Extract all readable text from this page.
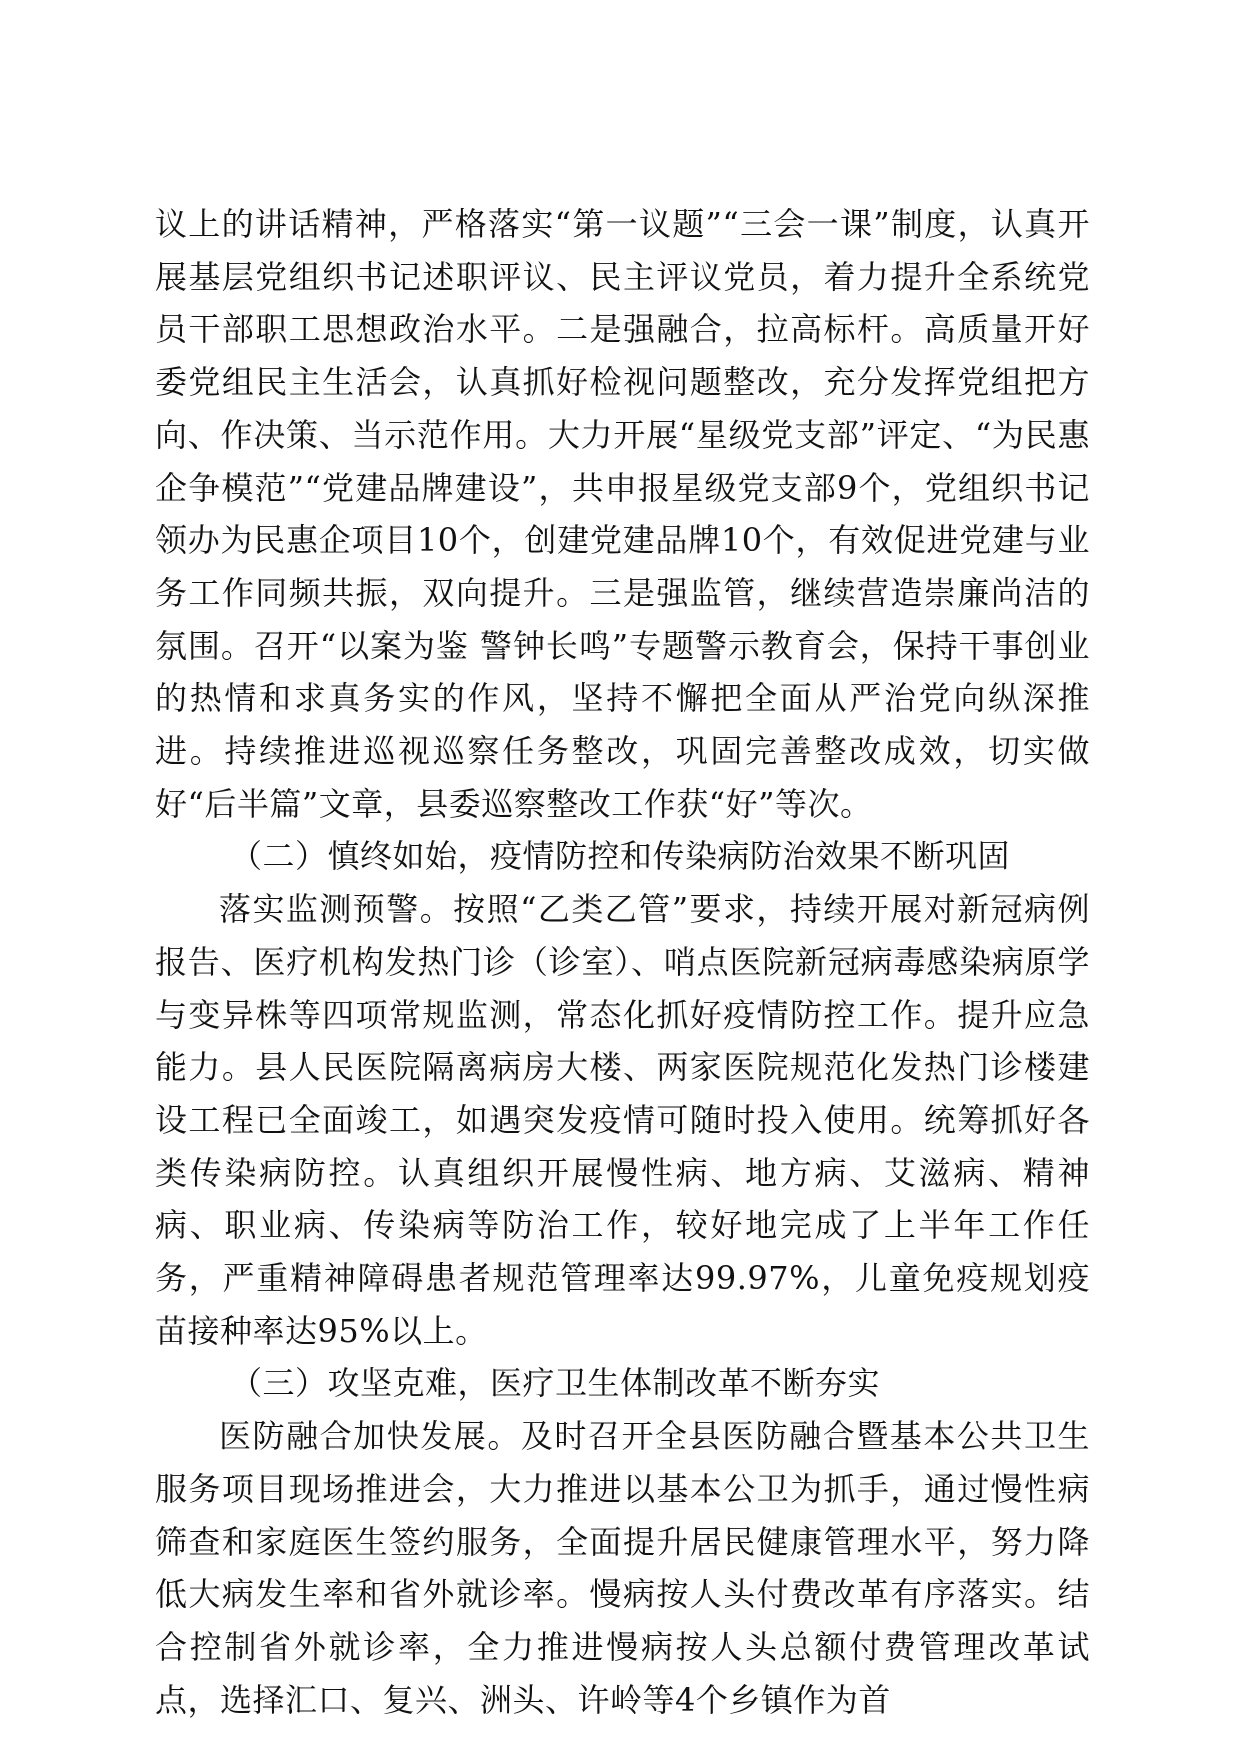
议上的讲话精神，严格落实“第一议题”“三会一课”制度，认真开展基层党组织书记述职评议、民主评议党员，着力提升全系统党员干部职工思想政治水平。二是强融合，拉高标杆。高质量开好委党组民主生活会，认真抓好检视问题整改，充分发挥党组把方向、作决策、当示范作用。大力开展“星级党支部”评定、“为民惠企争模范”“党建品牌建设”，共申报星级党支部9个，党组织书记领办为民惠企项目10个，创建党建品牌10个，有效促进党建与业务工作同频共振，双向提升。三是强监管，继续营造崇廉尚洁的氛围。召开“以案为鉴 警钟长鸣”专题警示教育会，保持干事创业的热情和求真务实的作风，坚持不懈把全面从严治党向纵深推进。持续推进巡视巡察任务整改，巩固完善整改成效，切实做好“后半篇”文章，县委巡察整改工作获“好”等次。

（二）慎终如始，疫情防控和传染病防治效果不断巩固

落实监测预警。按照“乙类乙管”要求，持续开展对新冠病例报告、医疗机构发热门诊（诊室）、哨点医院新冠病毒感染病原学与变异株等四项常规监测，常态化抓好疫情防控工作。提升应急能力。县人民医院隔离病房大楼、两家医院规范化发热门诊楼建设工程已全面竣工，如遇突发疫情可随时投入使用。统筹抓好各类传染病防控。认真组织开展慢性病、地方病、艾滋病、精神病、职业病、传染病等防治工作，较好地完成了上半年工作任务，严重精神障碍患者规范管理率达99.97%，儿童免疫规划疫苗接种率达95%以上。

（三）攻坚克难，医疗卫生体制改革不断夯实

医防融合加快发展。及时召开全县医防融合暨基本公共卫生服务项目现场推进会，大力推进以基本公卫为抓手，通过慢性病筛查和家庭医生签约服务，全面提升居民健康管理水平，努力降低大病发生率和省外就诊率。慢病按人头付费改革有序落实。结合控制省外就诊率，全力推进慢病按人头总额付费管理改革试点，选择汇口、复兴、洲头、许岭等4个乡镇作为首
